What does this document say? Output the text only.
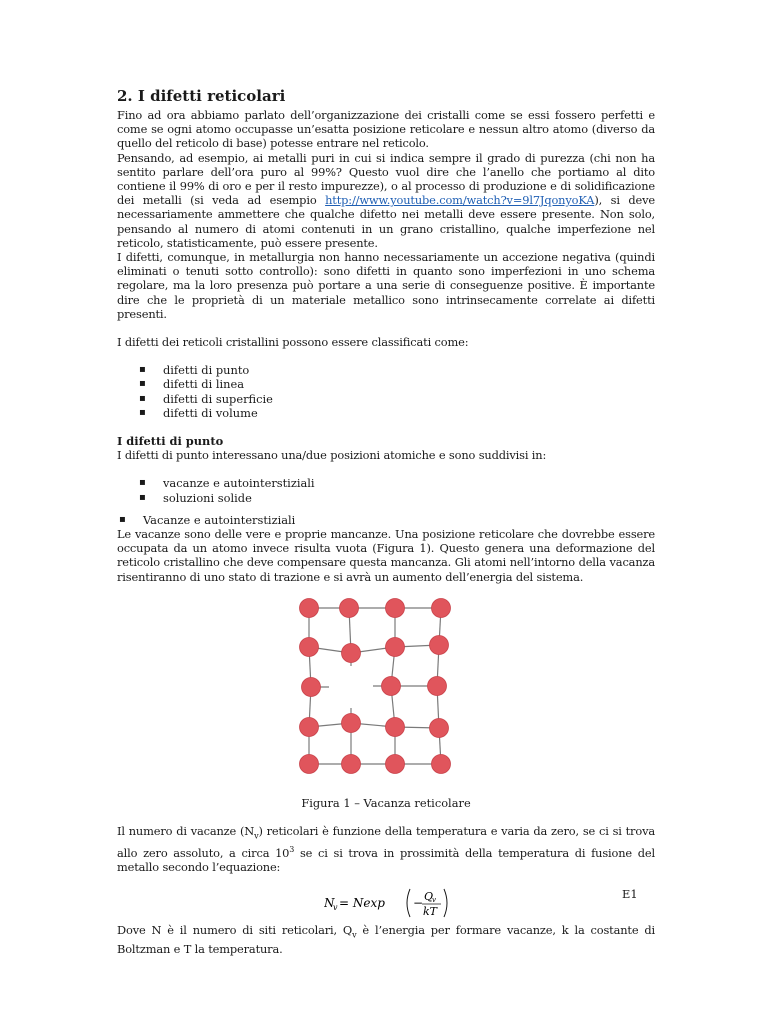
2. I difetti reticolari

Fino ad ora abbiamo parlato dell’organizzazione dei cristalli come se essi fossero perfetti e come se ogni atomo occupasse un’esatta posizione reticolare e nessun altro atomo (diverso da quello del reticolo di base) potesse entrare nel reticolo.

Pensando, ad esempio, ai metalli puri in cui si indica sempre il grado di purezza (chi non ha sentito parlare dell’ora puro al 99%? Questo vuol dire che l’anello che portiamo al dito contiene il 99% di oro e per il resto impurezze), o al processo di produzione e di solidificazione dei metalli (si veda ad esempio http://www.youtube.com/watch?v=9l7JqonyoKA), si deve necessariamente ammettere che qualche difetto nei metalli deve essere presente. Non solo, pensando al numero di atomi contenuti in un grano cristallino, qualche imperfezione nel reticolo, statisticamente, può essere presente.

I difetti, comunque, in metallurgia non hanno necessariamente un accezione negativa (quindi eliminati o tenuti sotto controllo): sono difetti in quanto sono imperfezioni in uno schema regolare, ma la loro presenza può portare a una serie di conseguenze positive. È importante dire che le proprietà di un materiale metallico sono intrinsecamente correlate ai difetti presenti.

I difetti dei reticoli cristallini possono essere classificati come:

▪ difetti di punto
▪ difetti di linea
▪ difetti di superficie
▪ difetti di volume
I difetti di punto

I difetti di punto interessano una/due posizioni atomiche e sono suddivisi in:

▪ vacanze e autointerstiziali
▪ soluzioni solide
▪ Vacanze e autointerstiziali

Le vacanze sono delle vere e proprie mancanze. Una posizione reticolare che dovrebbe essere occupata da un atomo invece risulta vuota (Figura 1). Questo genera una deformazione del reticolo cristallino che deve compensare questa mancanza. Gli atomi nell’intorno della vacanza risentiranno di uno stato di trazione e si avrà un aumento dell’energia del sistema.

Figura 1 – Vacanza reticolare

Il numero di vacanze $(N_v)$ reticolari è funzione della temperatura e varia da zero, se ci si trova allo zero assoluto, a circa $10^3$ se ci si trova in prossimità della temperatura di fusione del metallo secondo l’equazione:

N
v = Nexp − Q
v
kT
E1

Dove N è il numero di siti reticolari, $Q_v$ è l’energia per formare vacanze, k la costante di Boltzman e T la temperatura.
